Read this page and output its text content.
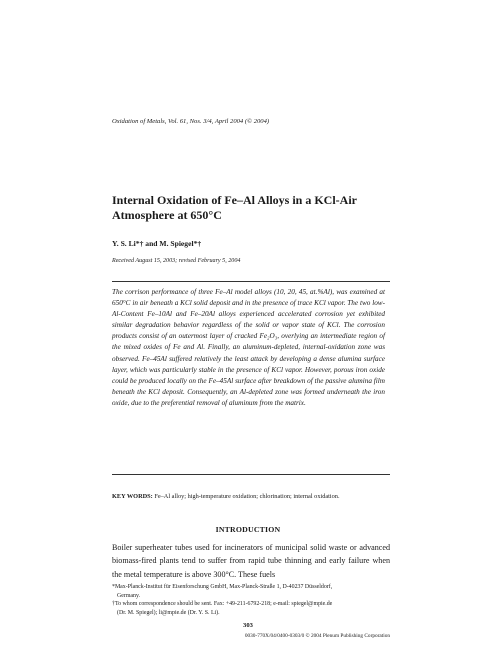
Oxidation of Metals, Vol. 61, Nos. 3/4, April 2004 (© 2004)
Internal Oxidation of Fe–Al Alloys in a KCl-Air
Atmosphere at 650°C
Y. S. Li*† and M. Spiegel*†
Received August 15, 2003; revised February 5, 2004

The corrison performance of three Fe–Al model alloys (10, 20, 45, at.%Al), was examined at 650°C in air beneath a KCl solid deposit and in the presence of trace KCl vapor. The two low-Al-Content Fe–10Al and Fe–20Al alloys experienced accelerated corrosion yet exhibited similar degradation behavior regardless of the solid or vapor state of KCl. The corrosion products consist of an outermost layer of cracked Fe₂O₃, overlying an intermediate region of the mixed oxides of Fe and Al. Finally, an aluminum-depleted, internal-oxidation zone was observed. Fe–45Al suffered relatively the least attack by developing a dense alumina surface layer, which was particularly stable in the presence of KCl vapor. However, porous iron oxide could be produced locally on the Fe–45Al surface after breakdown of the passive alumina film beneath the KCl deposit. Consequently, an Al-depleted zone was formed underneath the iron oxide, due to the preferential removal of aluminum from the matrix.

KEY WORDS: Fe–Al alloy; high-temperature oxidation; chlorination; internal oxidation.
INTRODUCTION

Boiler superheater tubes used for incinerators of municipal solid waste or advanced biomass-fired plants tend to suffer from rapid tube thinning and early failure when the metal temperature is above 300°C. These fuels

*Max-Planck-Institut für Eisenforschung GmbH, Max-Planck-Straße 1, D-40237 Düsseldorf,
Germany.

†To whom correspondence should be sent. Fax: +49-211-6792-218; e-mail: spiegel@mpie.de
(Dr. M. Spiegel); li@mpie.de (Dr. Y. S. Li).

303
0030-770X/04/0400-0303/0 © 2004 Plenum Publishing Corporation
